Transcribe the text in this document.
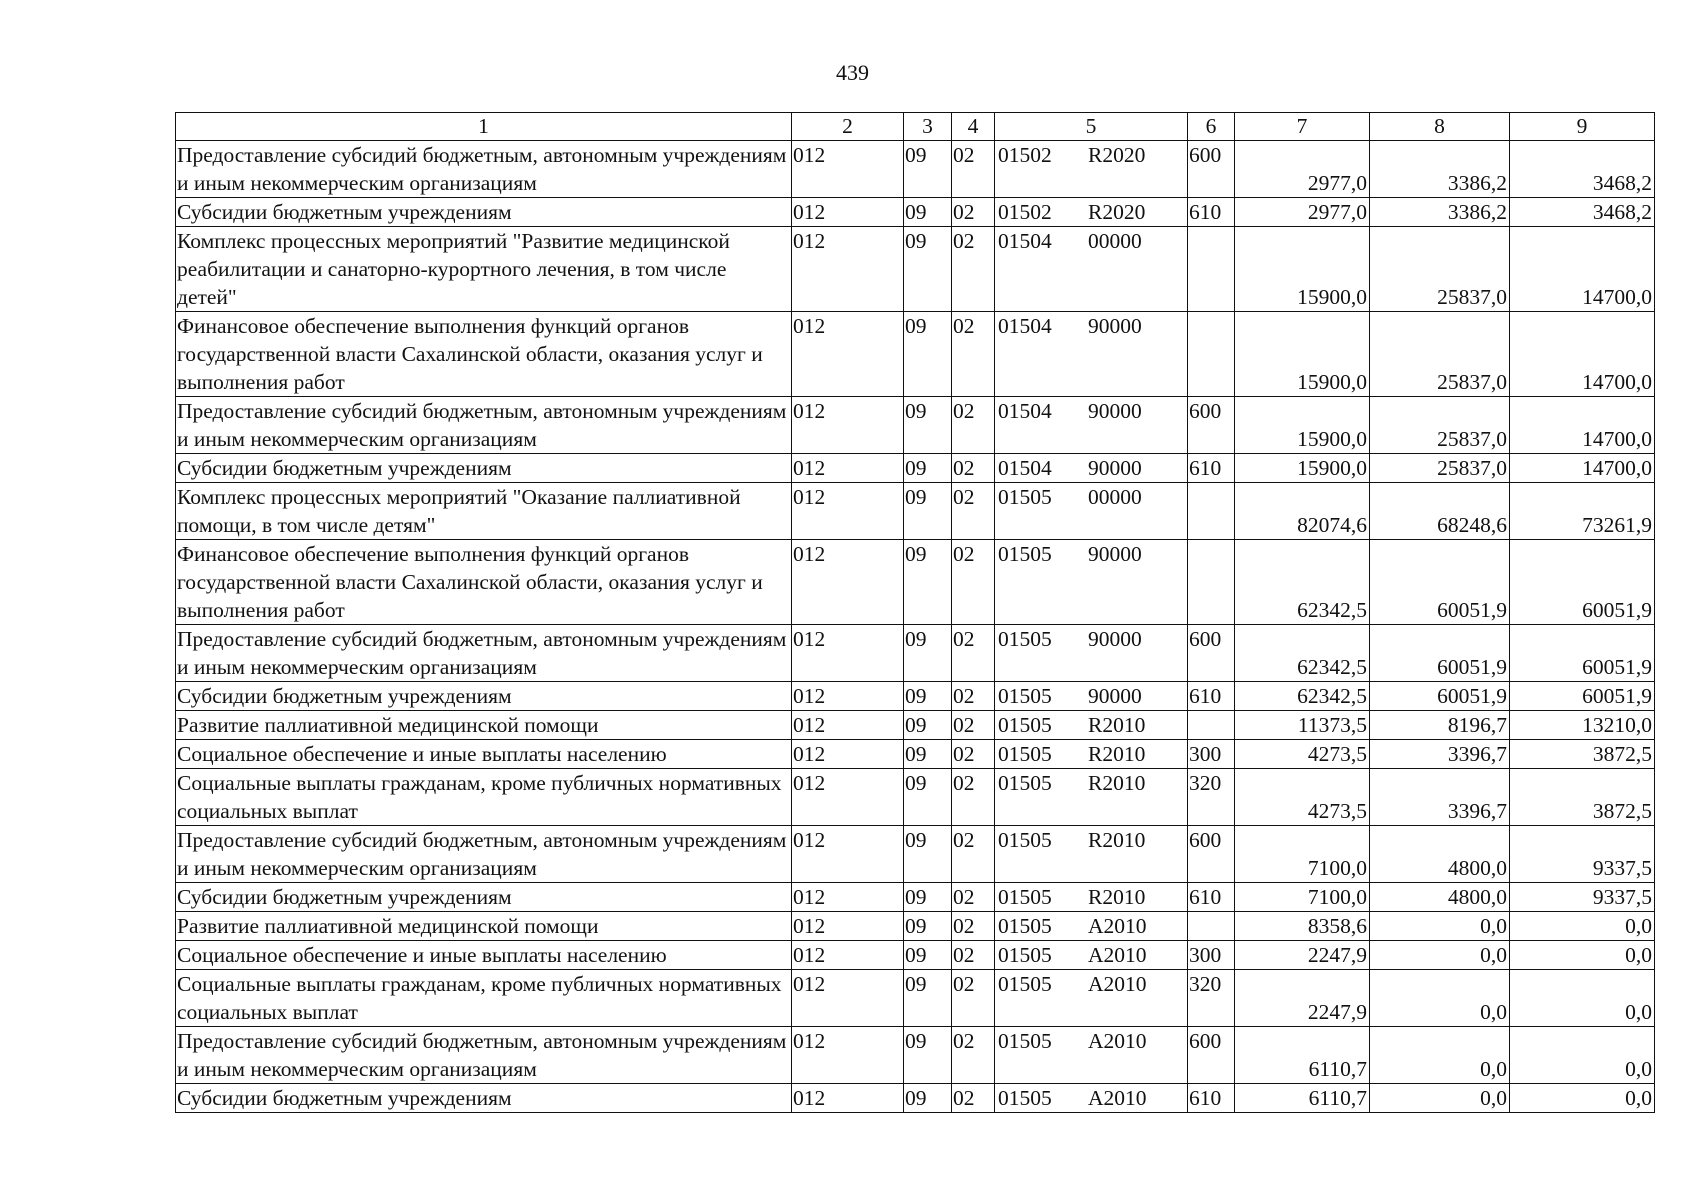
439
1	2	3	4	5	6	7	8	9
Предоставление субсидий бюджетным, автономным учреждениям и иным некоммерческим организациям	012	09	02	01502 R2020	600	2977,0	3386,2	3468,2
Субсидии бюджетным учреждениям	012	09	02	01502 R2020	610	2977,0	3386,2	3468,2
Комплекс процессных мероприятий "Развитие медицинской реабилитации и санаторно-курортного лечения, в том числе детей"	012	09	02	01504 00000		15900,0	25837,0	14700,0
Финансовое обеспечение выполнения функций органов государственной власти Сахалинской области, оказания услуг и выполнения работ	012	09	02	01504 90000		15900,0	25837,0	14700,0
Предоставление субсидий бюджетным, автономным учреждениям и иным некоммерческим организациям	012	09	02	01504 90000	600	15900,0	25837,0	14700,0
Субсидии бюджетным учреждениям	012	09	02	01504 90000	610	15900,0	25837,0	14700,0
Комплекс процессных мероприятий "Оказание паллиативной помощи, в том числе детям"	012	09	02	01505 00000		82074,6	68248,6	73261,9
Финансовое обеспечение выполнения функций органов государственной власти Сахалинской области, оказания услуг и выполнения работ	012	09	02	01505 90000		62342,5	60051,9	60051,9
Предоставление субсидий бюджетным, автономным учреждениям и иным некоммерческим организациям	012	09	02	01505 90000	600	62342,5	60051,9	60051,9
Субсидии бюджетным учреждениям	012	09	02	01505 90000	610	62342,5	60051,9	60051,9
Развитие паллиативной медицинской помощи	012	09	02	01505 R2010		11373,5	8196,7	13210,0
Социальное обеспечение и иные выплаты населению	012	09	02	01505 R2010	300	4273,5	3396,7	3872,5
Социальные выплаты гражданам, кроме публичных нормативных социальных выплат	012	09	02	01505 R2010	320	4273,5	3396,7	3872,5
Предоставление субсидий бюджетным, автономным учреждениям и иным некоммерческим организациям	012	09	02	01505 R2010	600	7100,0	4800,0	9337,5
Субсидии бюджетным учреждениям	012	09	02	01505 R2010	610	7100,0	4800,0	9337,5
Развитие паллиативной медицинской помощи	012	09	02	01505 A2010		8358,6	0,0	0,0
Социальное обеспечение и иные выплаты населению	012	09	02	01505 A2010	300	2247,9	0,0	0,0
Социальные выплаты гражданам, кроме публичных нормативных социальных выплат	012	09	02	01505 A2010	320	2247,9	0,0	0,0
Предоставление субсидий бюджетным, автономным учреждениям и иным некоммерческим организациям	012	09	02	01505 A2010	600	6110,7	0,0	0,0
Субсидии бюджетным учреждениям	012	09	02	01505 A2010	610	6110,7	0,0	0,0
